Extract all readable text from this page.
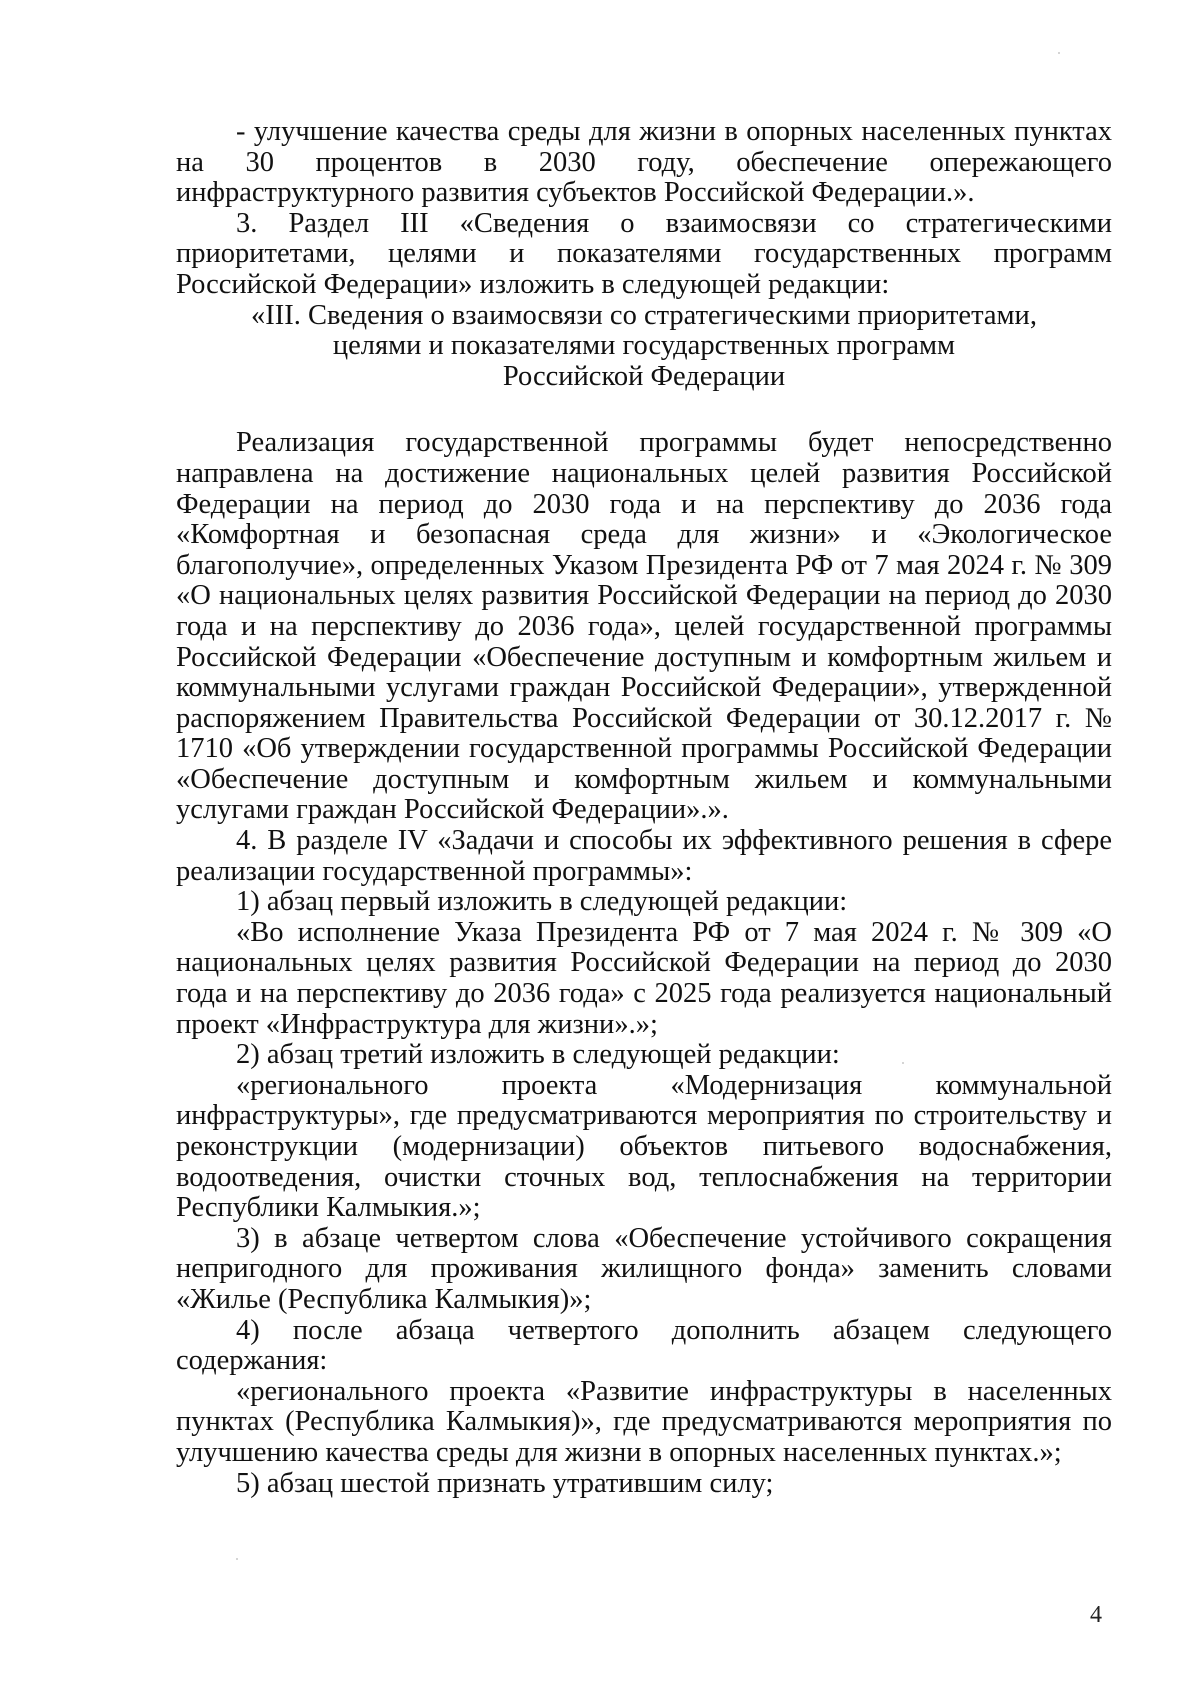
- улучшение качества среды для жизни в опорных населенных пунктах на 30 процентов в 2030 году, обеспечение опережающего инфраструктурного развития субъектов Российской Федерации.».

3. Раздел III «Сведения о взаимосвязи со стратегическими приоритетами, целями и показателями государственных программ Российской Федерации» изложить в следующей редакции:

«III. Сведения о взаимосвязи со стратегическими приоритетами,
целями и показателями государственных программ
Российской Федерации

Реализация государственной программы будет непосредственно направлена на достижение национальных целей развития Российской Федерации на период до 2030 года и на перспективу до 2036 года «Комфортная и безопасная среда для жизни» и «Экологическое благополучие», определенных Указом Президента РФ от 7 мая 2024 г. № 309 «О национальных целях развития Российской Федерации на период до 2030 года и на перспективу до 2036 года», целей государственной программы Российской Федерации «Обеспечение доступным и комфортным жильем и коммунальными услугами граждан Российской Федерации», утвержденной распоряжением Правительства Российской Федерации от 30.12.2017 г. № 1710 «Об утверждении государственной программы Российской Федерации «Обеспечение доступным и комфортным жильем и коммунальными услугами граждан Российской Федерации».».

4. В разделе IV «Задачи и способы их эффективного решения в сфере реализации государственной программы»:

1) абзац первый изложить в следующей редакции:

«Во исполнение Указа Президента РФ от 7 мая 2024 г. № 309 «О национальных целях развития Российской Федерации на период до 2030 года и на перспективу до 2036 года» с 2025 года реализуется национальный проект «Инфраструктура для жизни».»;

2) абзац третий изложить в следующей редакции:

«регионального проекта «Модернизация коммунальной инфраструктуры», где предусматриваются мероприятия по строительству и реконструкции (модернизации) объектов питьевого водоснабжения, водоотведения, очистки сточных вод, теплоснабжения на территории Республики Калмыкия.»;

3) в абзаце четвертом слова «Обеспечение устойчивого сокращения непригодного для проживания жилищного фонда» заменить словами «Жилье (Республика Калмыкия)»;

4) после абзаца четвертого дополнить абзацем следующего содержания:

«регионального проекта «Развитие инфраструктуры в населенных пунктах (Республика Калмыкия)», где предусматриваются мероприятия по улучшению качества среды для жизни в опорных населенных пунктах.»;

5) абзац шестой признать утратившим силу;

4
